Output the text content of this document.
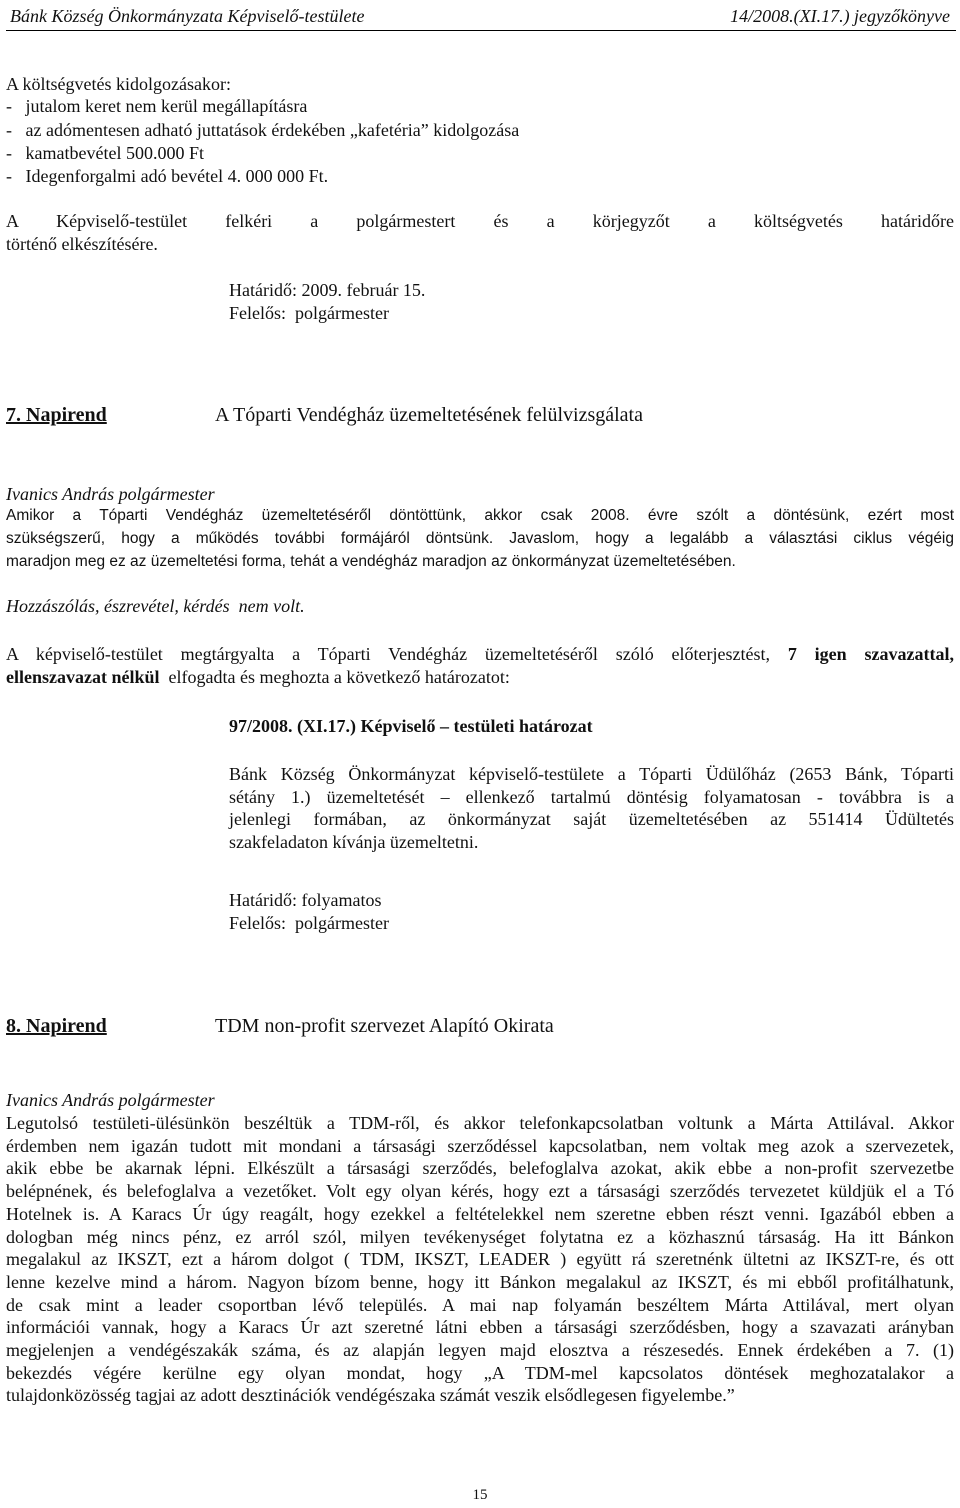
Bánk Község Önkormányzata Képviselő-testülete	14/2008.(XI.17.) jegyzőkönyve
A költségvetés kidolgozásakor:
-   jutalom keret nem kerül megállapításra
-   az adómentesen adható juttatások érdekében „kafetéria” kidolgozása
-   kamatbevétel 500.000 Ft
-   Idegenforgalmi adó bevétel 4. 000 000 Ft.
A Képviselő-testület felkéri a polgármestert és a körjegyzőt a költségvetés határidőre
történő elkészítésére.
Határidő: 2009. február 15.
Felelős:  polgármester
7. Napirend	A Tóparti Vendégház üzemeltetésének felülvizsgálata
Ivanics András polgármester
Amikor a Tóparti Vendégház üzemeltetéséről döntöttünk, akkor csak 2008. évre szólt a döntésünk, ezért most
szükségszerű, hogy a működés további formájáról döntsünk. Javaslom, hogy a legalább a választási ciklus végéig
maradjon meg ez az üzemeltetési forma, tehát a vendégház maradjon az önkormányzat üzemeltetésében.
Hozzászólás, észrevétel, kérdés  nem volt.
A képviselő-testület megtárgyalta a Tóparti Vendégház üzemeltetéséről szóló előterjesztést, 7 igen szavazattal,
ellenszavazat nélkül  elfogadta és meghozta a következő határozatot:
97/2008. (XI.17.) Képviselő – testületi határozat
Bánk Község Önkormányzat képviselő-testülete a Tóparti Üdülőház (2653 Bánk, Tóparti
sétány 1.) üzemeltetését – ellenkező tartalmú döntésig folyamatosan - továbbra is a
jelenlegi formában, az önkormányzat saját üzemeltetésében az 551414 Üdültetés
szakfeladaton kívánja üzemeltetni.
Határidő: folyamatos
Felelős:  polgármester
8. Napirend	TDM non-profit szervezet Alapító Okirata
Ivanics András polgármester
Legutolsó testületi-ülésünkön beszéltük a TDM-ről, és akkor telefonkapcsolatban voltunk a Márta Attilával. Akkor
érdemben nem igazán tudott mit mondani a társasági szerződéssel kapcsolatban, nem voltak meg azok a szervezetek,
akik ebbe be akarnak lépni. Elkészült a társasági szerződés, belefoglalva azokat, akik ebbe a non-profit szervezetbe
belépnének, és belefoglalva a vezetőket. Volt egy olyan kérés, hogy ezt a társasági szerződés tervezetet küldjük el a Tó
Hotelnek is. A Karacs Úr úgy reagált, hogy ezekkel a feltételekkel nem szeretne ebben részt venni. Igazából ebben a
dologban még nincs pénz, ez arról szól, milyen tevékenységet folytatna ez a közhasznú társaság. Ha itt Bánkon
megalakul az IKSZT, ezt a három dolgot ( TDM, IKSZT, LEADER ) együtt rá szeretnénk ültetni az IKSZT-re, és ott
lenne kezelve mind a három. Nagyon bízom benne, hogy itt Bánkon megalakul az IKSZT, és mi ebből profitálhatunk,
de csak mint a leader csoportban lévő település. A mai nap folyamán beszéltem Márta Attilával, mert olyan
információi vannak, hogy a Karacs Úr azt szeretné látni ebben a társasági szerződésben, hogy a szavazati arányban
megjelenjen a vendégészakák száma, és az alapján legyen majd elosztva a részesedés. Ennek érdekében a 7. (1)
bekezdés végére kerülne egy olyan mondat, hogy „A TDM-mel kapcsolatos döntések meghozatalakor a
tulajdonközösség tagjai az adott desztinációk vendégészaka számát veszik elsődlegesen figyelembe.”
15
